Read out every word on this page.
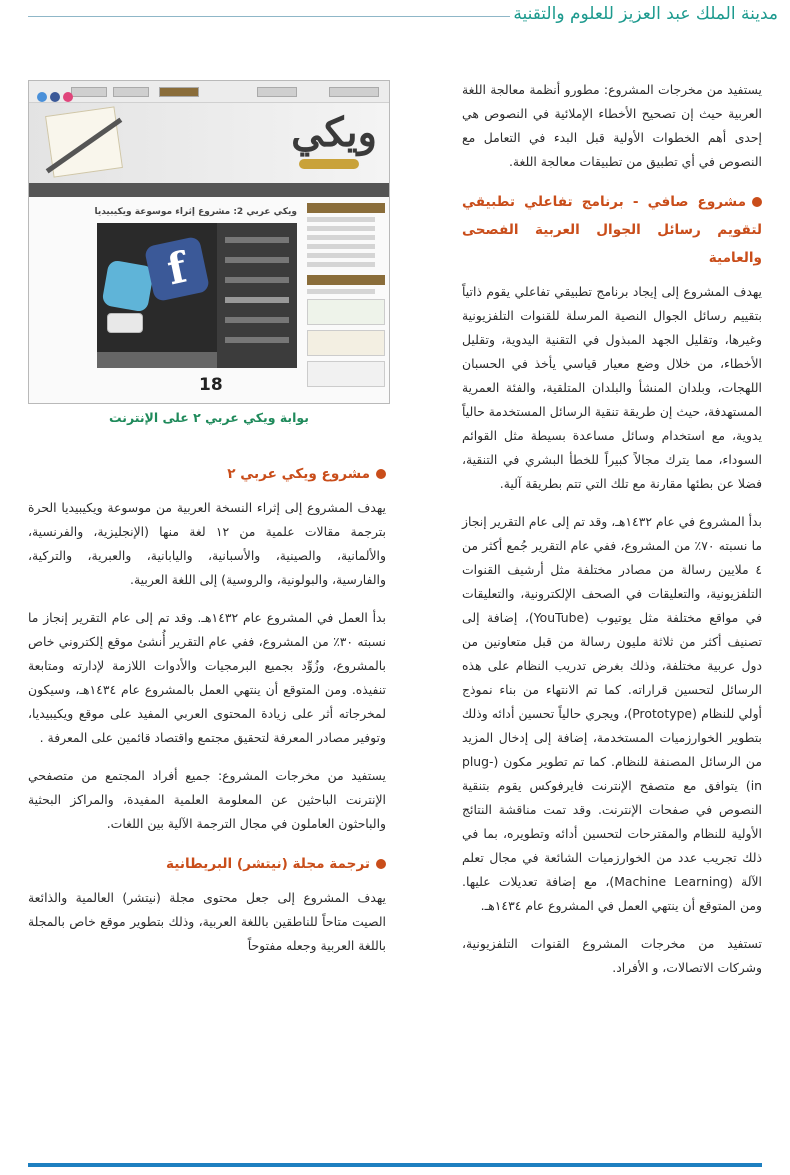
مدينة الملك عبد العزيز للعلوم والتقنية
ويكي
ويكي عربي 2: مشروع إثراء موسوعة ويكيبيديا
f
18
بوابة ويكي عربي ٢ على الإنترنت

يستفيد من مخرجات المشروع: مطورو أنظمة معالجة اللغة العربية حيث إن تصحيح الأخطاء الإملائية في النصوص هي إحدى أهم الخطوات الأولية قبل البدء في التعامل مع النصوص في أي تطبيق من تطبيقات معالجة اللغة.

مشروع صافي - برنامج تفاعلي تطبيقي لتقويم رسائل الجوال العربية الفصحى والعامية

يهدف المشروع إلى إيجاد برنامج تطبيقي تفاعلي يقوم ذاتياً بتقييم رسائل الجوال النصية المرسلة للقنوات التلفزيونية وغيرها، وتقليل الجهد المبذول في التقنية اليدوية، وتقليل الأخطاء، من خلال وضع معيار قياسي يأخذ في الحسبان اللهجات، وبلدان المنشأ والبلدان المتلقية، والفئة العمرية المستهدفة، حيث إن طريقة تنقية الرسائل المستخدمة حالياً يدوية، مع استخدام وسائل مساعدة بسيطة مثل القوائم السوداء، مما يترك مجالاً كبيراً للخطأ البشري في التنقية، فضلا عن بطئها مقارنة مع تلك التي تتم بطريقة آلية.

بدأ المشروع في عام ١٤٣٢هـ، وقد تم إلى عام التقرير إنجاز ما نسبته ٧٠٪ من المشروع، ففي عام التقرير جُمع أكثر من ٤ ملايين رسالة من مصادر مختلفة مثل أرشيف القنوات التلفزيونية، والتعليقات في الصحف الإلكترونية، والتعليقات في مواقع مختلفة مثل يوتيوب (YouTube)، إضافة إلى تصنيف أكثر من ثلاثة مليون رسالة من قبل متعاونين من دول عربية مختلفة، وذلك بغرض تدريب النظام على هذه الرسائل لتحسين قراراته. كما تم الانتهاء من بناء نموذج أولي للنظام (Prototype)، ويجري حالياً تحسين أدائه وذلك بتطوير الخوارزميات المستخدمة، إضافة إلى إدخال المزيد من الرسائل المصنفة للنظام. كما تم تطوير مكون (plug-in) يتوافق مع متصفح الإنترنت فايرفوكس يقوم بتنقية النصوص في صفحات الإنترنت. وقد تمت مناقشة النتائج الأولية للنظام والمقترحات لتحسين أدائه وتطويره، بما في ذلك تجريب عدد من الخوارزميات الشائعة في مجال تعلم الآلة (Machine Learning)، مع إضافة تعديلات عليها. ومن المتوقع أن ينتهي العمل في المشروع عام ١٤٣٤هـ.

تستفيد من مخرجات المشروع القنوات التلفزيونية، وشركات الاتصالات، و الأفراد.

مشروع ويكي عربي ٢

يهدف المشروع إلى إثراء النسخة العربية من موسوعة ويكيبيديا الحرة بترجمة مقالات علمية من ١٢ لغة منها (الإنجليزية، والفرنسية، والألمانية، والصينية، والأسبانية، واليابانية، والعبرية، والتركية، والفارسية، والبولونية، والروسية) إلى اللغة العربية.

بدأ العمل في المشروع عام ١٤٣٢هـ. وقد تم إلى عام التقرير إنجاز ما نسبته ٣٠٪ من المشروع، ففي عام التقرير أُنشئ موقع إلكتروني خاص بالمشروع، وزُوِّد بجميع البرمجيات والأدوات اللازمة لإدارته ومتابعة تنفيذه. ومن المتوقع أن ينتهي العمل بالمشروع عام ١٤٣٤هـ، وسيكون لمخرجاته أثر على زيادة المحتوى العربي المفيد على موقع ويكيبيديا، وتوفير مصادر المعرفة لتحقيق مجتمع واقتصاد قائمين على المعرفة .

يستفيد من مخرجات المشروع: جميع أفراد المجتمع من متصفحي الإنترنت الباحثين عن المعلومة العلمية المفيدة، والمراكز البحثية والباحثون العاملون في مجال الترجمة الآلية بين اللغات.

ترجمة مجلة (نيتشر) البريطانية

يهدف المشروع إلى جعل محتوى مجلة (نيتشر) العالمية والذائعة الصيت متاحاً للناطقين باللغة العربية، وذلك بتطوير موقع خاص بالمجلة باللغة العربية وجعله مفتوحاً
